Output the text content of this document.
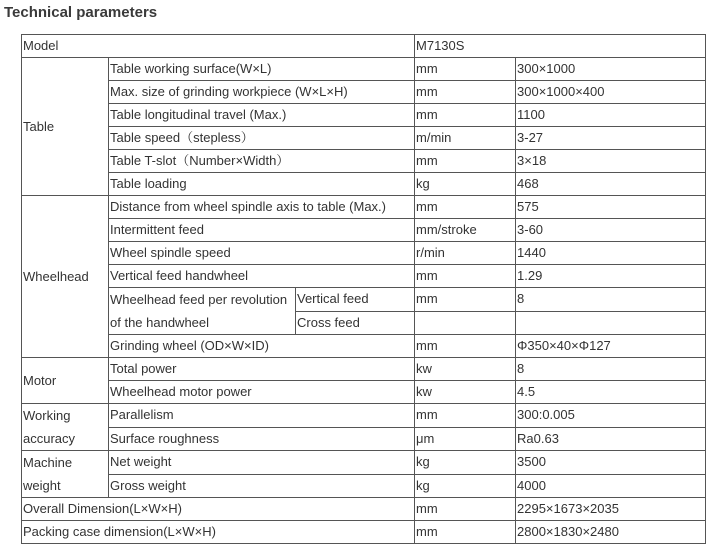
Technical parameters
Model			M7130S	
Table	Table working surface(W×L)		mm	300×1000
	Max. size of grinding workpiece (W×L×H)		mm	300×1000×400
	Table longitudinal travel (Max.)		mm	1100
	Table speed（stepless）		m/min	3-27
	Table T-slot（Number×Width）		mm	3×18
	Table loading		kg	468
Wheelhead	Distance from wheel spindle axis to table (Max.)		mm	575
	Intermittent feed		mm/stroke	3-60
	Wheel spindle speed		r/min	1440
	Vertical feed handwheel		mm	1.29
	Wheelhead feed per revolution of the handwheel	Vertical feed	mm	8
		Cross feed		
	Grinding wheel (OD×W×ID)		mm	Φ350×40×Φ127
Motor	Total power		kw	8
	Wheelhead motor power		kw	4.5
Working accuracy	Parallelism		mm	300:0.005
	Surface roughness		μm	Ra0.63
Machine weight	Net weight		kg	3500
	Gross weight		kg	4000
Overall Dimension(L×W×H)			mm	2295×1673×2035
Packing case dimension(L×W×H)			mm	2800×1830×2480
